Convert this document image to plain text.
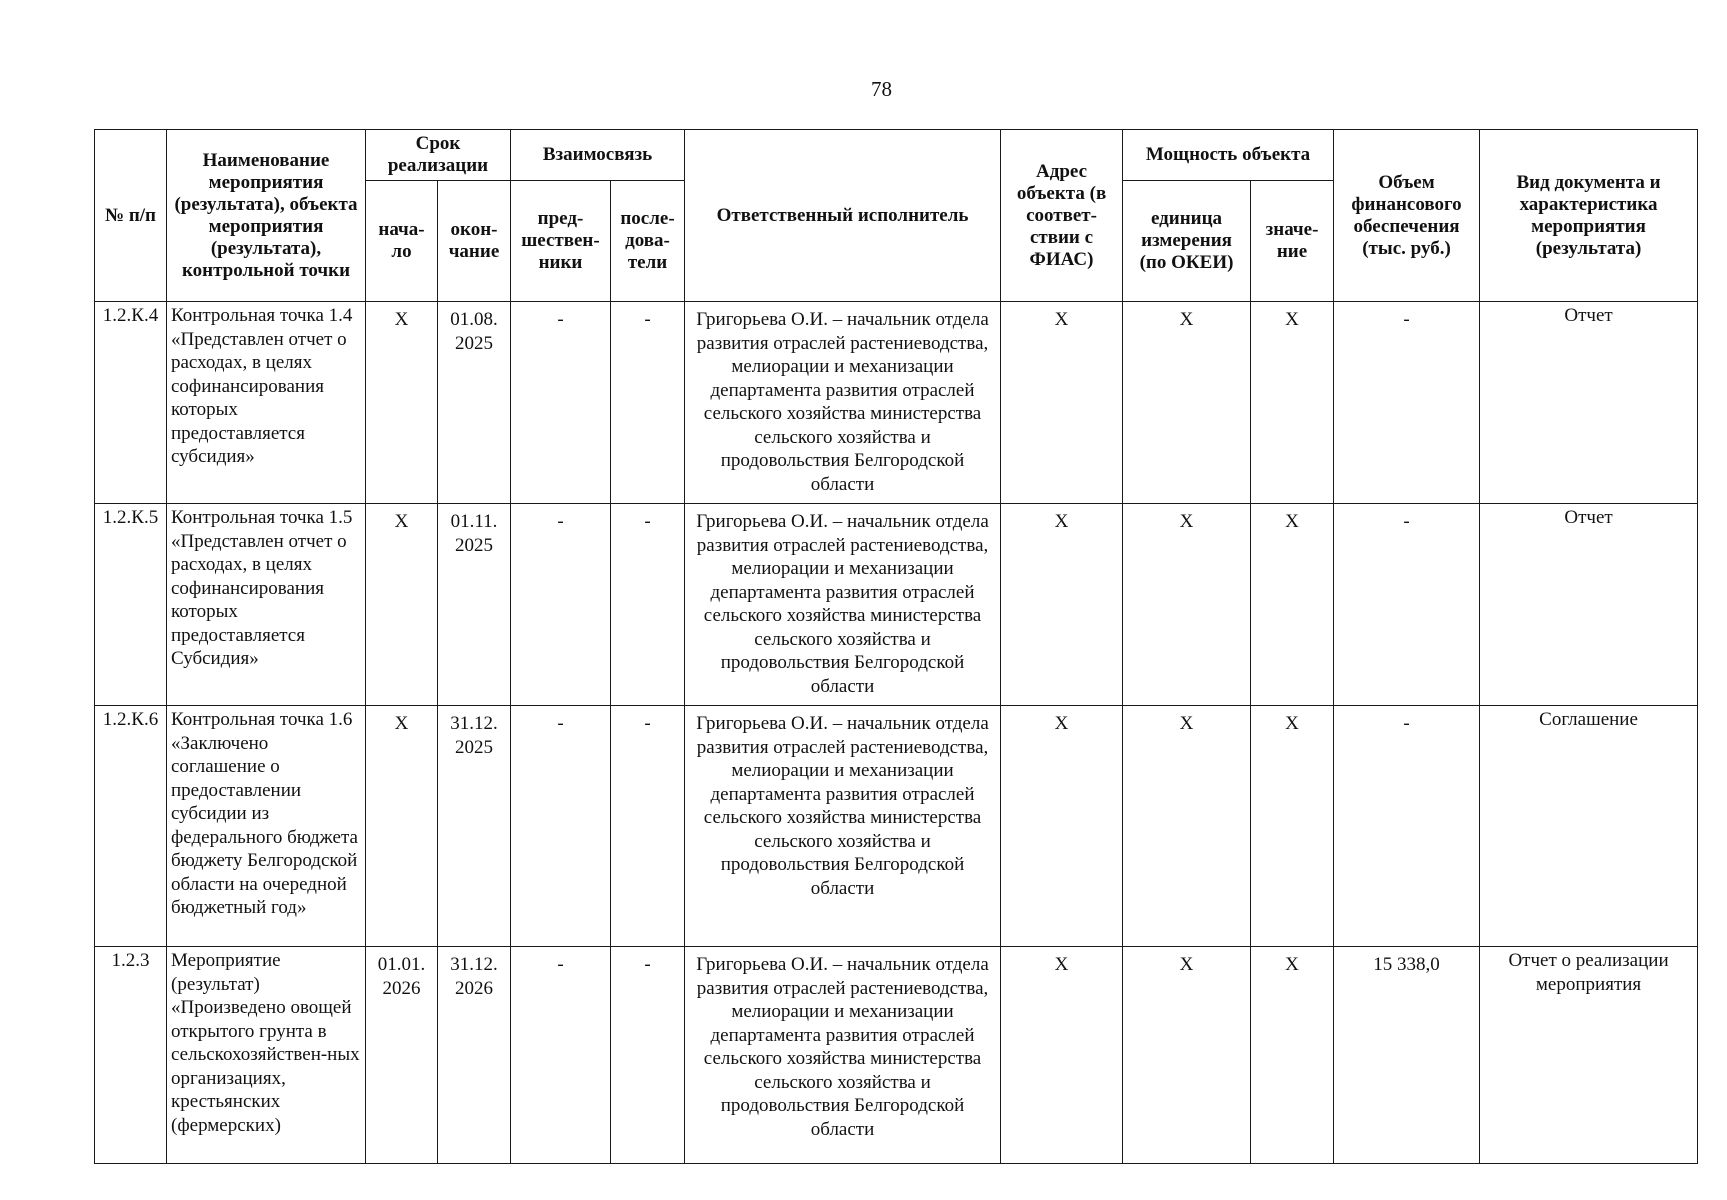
78
№ п/п	Наименование мероприятия (результата), объекта мероприятия (результата), контрольной точки	Срок реализации		Взаимосвязь		Ответственный исполнитель	Адрес объекта (в соответ-ствии с ФИАС)	Мощность объекта		Объем финансового обеспечения (тыс. руб.)	Вид документа и характеристика мероприятия (результата)
		нача-ло	окон-чание	пред-шествен-ники	после-дова-тели			единица измерения (по ОКЕИ)	значе-ние		
1.2.К.4	Контрольная точка 1.4 «Представлен отчет о расходах, в целях софинансирования которых предоставляется субсидия»	Х	01.08. 2025	-	-	Григорьева О.И. – начальник отдела развития отраслей растениеводства, мелиорации и механизации департамента развития отраслей сельского хозяйства министерства сельского хозяйства и продовольствия Белгородской области	Х	Х	Х	-	Отчет
1.2.К.5	Контрольная точка 1.5 «Представлен отчет о расходах, в целях софинансирования которых предоставляется Субсидия»	Х	01.11. 2025	-	-	Григорьева О.И. – начальник отдела развития отраслей растениеводства, мелиорации и механизации департамента развития отраслей сельского хозяйства министерства сельского хозяйства и продовольствия Белгородской области	Х	Х	Х	-	Отчет
1.2.К.6	Контрольная точка 1.6 «Заключено соглашение о предоставлении субсидии из федерального бюджета бюджету Белгородской области на очередной бюджетный год»	Х	31.12. 2025	-	-	Григорьева О.И. – начальник отдела развития отраслей растениеводства, мелиорации и механизации департамента развития отраслей сельского хозяйства министерства сельского хозяйства и продовольствия Белгородской области	Х	Х	Х	-	Соглашение
1.2.3	Мероприятие (результат) «Произведено овощей открытого грунта в сельскохозяйствен-ных организациях, крестьянских (фермерских)	01.01. 2026	31.12. 2026	-	-	Григорьева О.И. – начальник отдела развития отраслей растениеводства, мелиорации и механизации департамента развития отраслей сельского хозяйства министерства сельского хозяйства и продовольствия Белгородской области	Х	Х	Х	15 338,0	Отчет о реализации мероприятия
